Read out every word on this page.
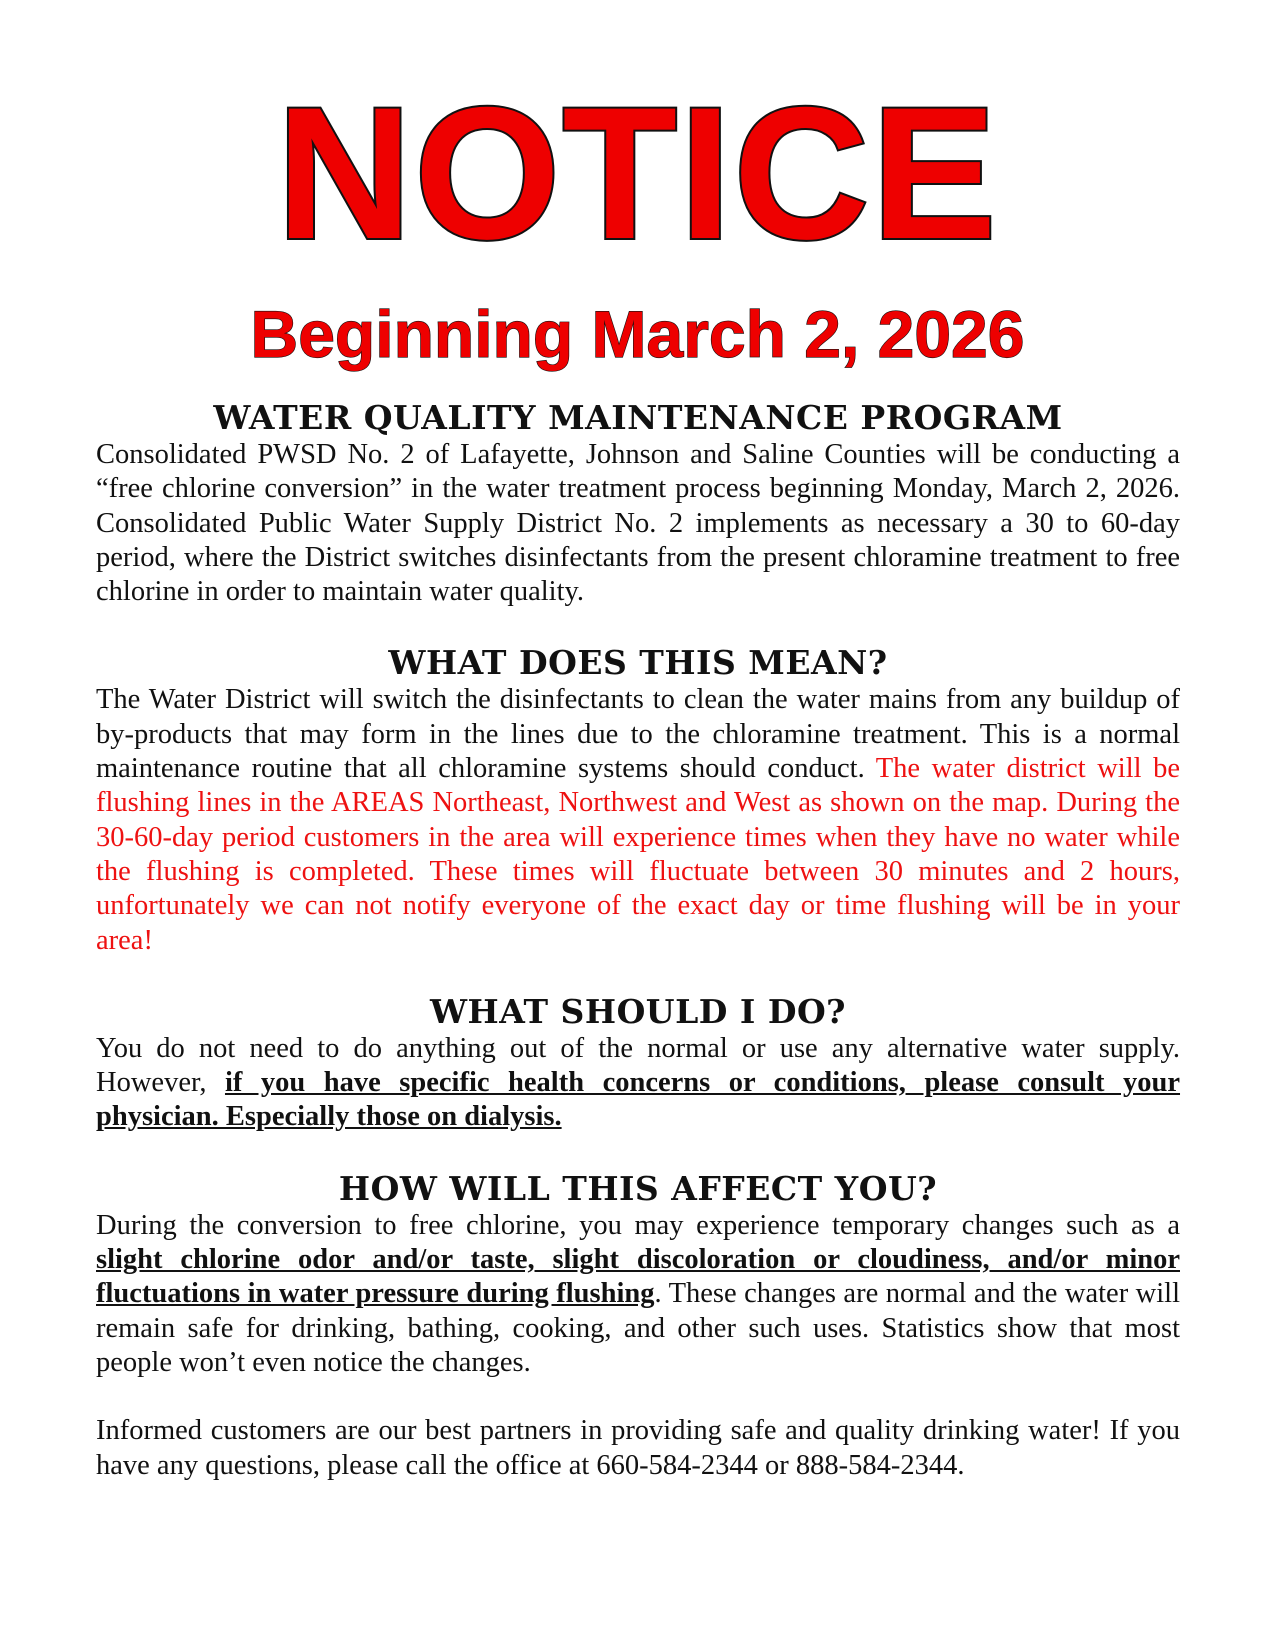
NOTICE
Beginning March 2, 2026
WATER QUALITY MAINTENANCE PROGRAM

Consolidated PWSD No. 2 of Lafayette, Johnson and Saline Counties will be conducting a “free chlorine conversion” in the water treatment process beginning Monday, March 2, 2026. Consolidated Public Water Supply District No. 2 implements as necessary a 30 to 60-day period, where the District switches disinfectants from the present chloramine treatment to free chlorine in order to maintain water quality.

WHAT DOES THIS MEAN?

The Water District will switch the disinfectants to clean the water mains from any buildup of by-products that may form in the lines due to the chloramine treatment. This is a normal maintenance routine that all chloramine systems should conduct. The water district will be flushing lines in the AREAS Northeast, Northwest and West as shown on the map. During the 30-60-day period customers in the area will experience times when they have no water while the flushing is completed. These times will fluctuate between 30 minutes and 2 hours, unfortunately we can not notify everyone of the exact day or time flushing will be in your area!

WHAT SHOULD I DO?

You do not need to do anything out of the normal or use any alternative water supply. However, if you have specific health concerns or conditions, please consult your physician. Especially those on dialysis.

HOW WILL THIS AFFECT YOU?

During the conversion to free chlorine, you may experience temporary changes such as a slight chlorine odor and/or taste, slight discoloration or cloudiness, and/or minor fluctuations in water pressure during flushing. These changes are normal and the water will remain safe for drinking, bathing, cooking, and other such uses. Statistics show that most people won’t even notice the changes.

Informed customers are our best partners in providing safe and quality drinking water! If you have any questions, please call the office at 660-584-2344 or 888-584-2344.
